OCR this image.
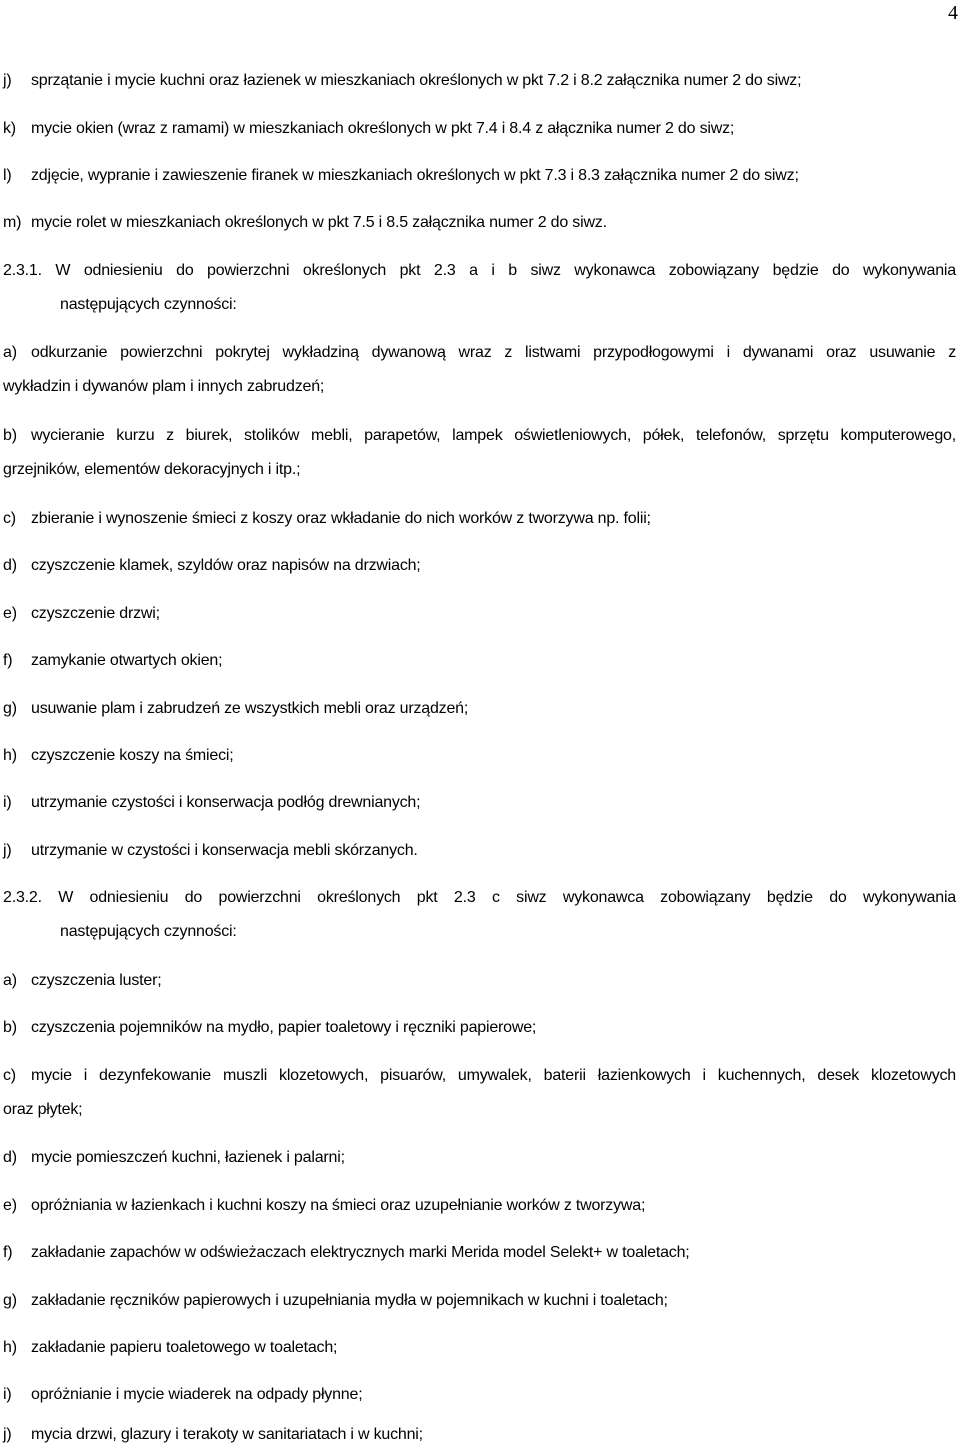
4
j) sprzątanie i mycie kuchni oraz łazienek w mieszkaniach określonych w pkt 7.2 i 8.2 załącznika numer 2 do siwz;
k) mycie okien (wraz z ramami) w mieszkaniach określonych w pkt 7.4 i 8.4 z ałącznika numer 2 do siwz;
l) zdjęcie, wypranie i zawieszenie firanek w mieszkaniach określonych w pkt 7.3 i 8.3 załącznika numer 2 do siwz;
m) mycie rolet w mieszkaniach określonych w pkt 7.5 i 8.5 załącznika numer 2 do siwz.
2.3.1. W odniesieniu do powierzchni określonych pkt 2.3 a i b siwz wykonawca zobowiązany będzie do wykonywania
następujących czynności:
a) odkurzanie powierzchni pokrytej wykładziną dywanową wraz z listwami przypodłogowymi i dywanami oraz usuwanie z
wykładzin i dywanów plam i innych zabrudzeń;
b) wycieranie kurzu z biurek, stolików mebli, parapetów, lampek oświetleniowych, półek, telefonów, sprzętu komputerowego,
grzejników, elementów dekoracyjnych i itp.;
c) zbieranie i wynoszenie śmieci z koszy oraz wkładanie do nich worków z tworzywa np. folii;
d) czyszczenie klamek, szyldów oraz napisów na drzwiach;
e) czyszczenie drzwi;
f) zamykanie otwartych okien;
g) usuwanie plam i zabrudzeń ze wszystkich mebli oraz urządzeń;
h) czyszczenie koszy na śmieci;
i) utrzymanie czystości i konserwacja podłóg drewnianych;
j) utrzymanie w czystości i konserwacja mebli skórzanych.
2.3.2. W odniesieniu do powierzchni określonych pkt 2.3 c siwz wykonawca zobowiązany będzie do wykonywania
następujących czynności:
a) czyszczenia luster;
b) czyszczenia pojemników na mydło, papier toaletowy i ręczniki papierowe;
c) mycie i dezynfekowanie muszli klozetowych, pisuarów, umywalek, baterii łazienkowych i kuchennych, desek klozetowych
oraz płytek;
d) mycie pomieszczeń kuchni, łazienek i palarni;
e) opróżniania w łazienkach i kuchni koszy na śmieci oraz uzupełnianie worków z tworzywa;
f) zakładanie zapachów w odświeżaczach elektrycznych marki Merida model Selekt+ w toaletach;
g) zakładanie ręczników papierowych i uzupełniania mydła w pojemnikach w kuchni i toaletach;
h) zakładanie papieru toaletowego w toaletach;
i) opróżnianie i mycie wiaderek na odpady płynne;
j) mycia drzwi, glazury i terakoty w sanitariatach i w kuchni;
